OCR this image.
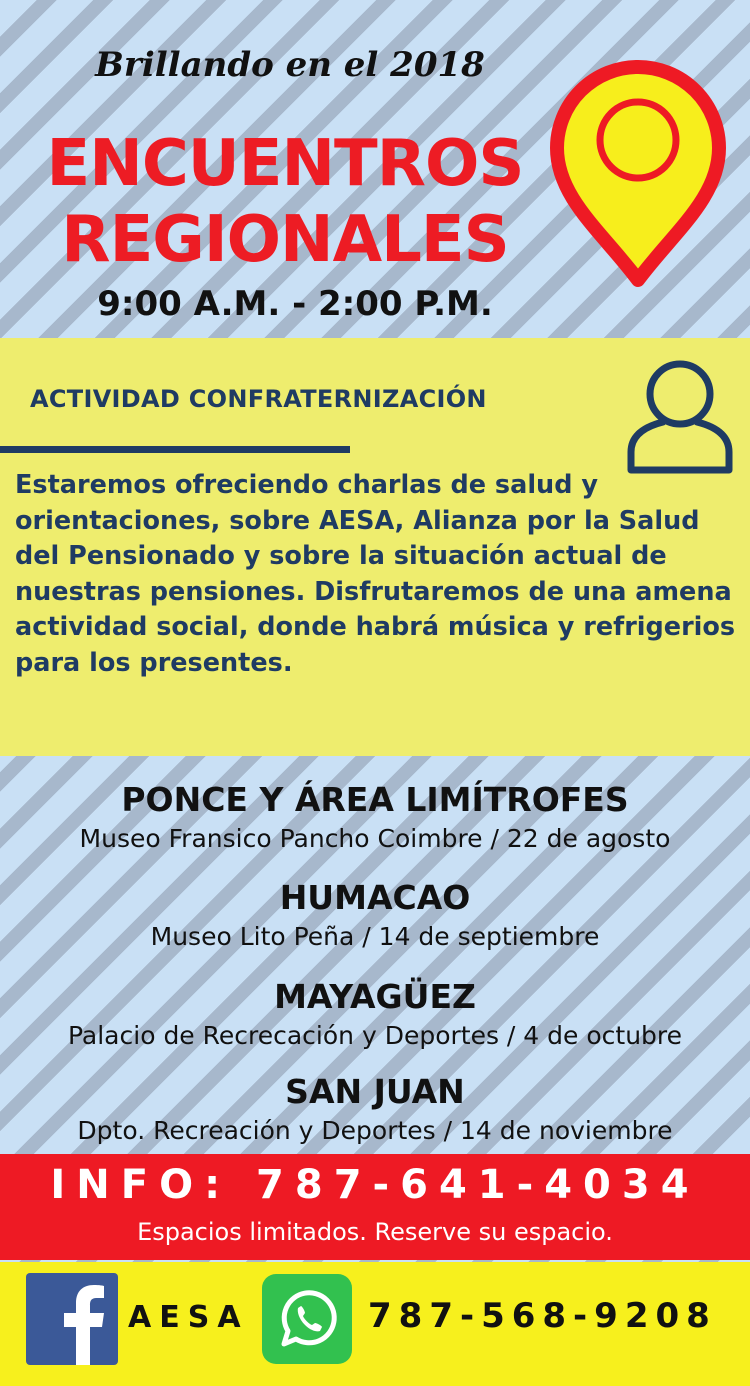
Brillando en el 2018
ENCUENTROS
REGIONALES
9:00 A.M. - 2:00 P.M.
ACTIVIDAD CONFRATERNIZACIÓN
Estaremos ofreciendo charlas de salud y orientaciones, sobre AESA, Alianza por la Salud del Pensionado y sobre la situación actual de nuestras pensiones. Disfrutaremos de una amena actividad social, donde habrá música y refrigerios para los presentes.
PONCE Y ÁREA LIMÍTROFES
Museo Fransico Pancho Coimbre / 22 de agosto
HUMACAO
Museo Lito Peña / 14 de septiembre
MAYAGÜEZ
Palacio de Recrecación y Deportes / 4 de octubre
SAN JUAN
Dpto. Recreación y Deportes / 14 de noviembre
INFO: 787-641-4034
Espacios limitados. Reserve su espacio.
AESA	787-568-9208
